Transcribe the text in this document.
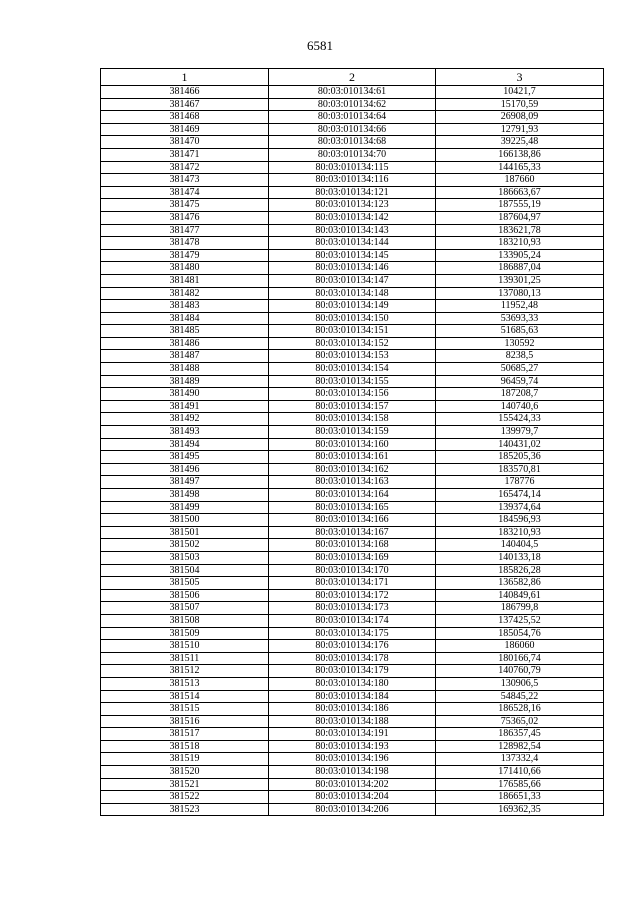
6581
1	2	3
381466	80:03:010134:61	10421,7
381467	80:03:010134:62	15170,59
381468	80:03:010134:64	26908,09
381469	80:03:010134:66	12791,93
381470	80:03:010134:68	39225,48
381471	80:03:010134:70	166138,86
381472	80:03:010134:115	144165,33
381473	80:03:010134:116	187660
381474	80:03:010134:121	186663,67
381475	80:03:010134:123	187555,19
381476	80:03:010134:142	187604,97
381477	80:03:010134:143	183621,78
381478	80:03:010134:144	183210,93
381479	80:03:010134:145	133905,24
381480	80:03:010134:146	186887,04
381481	80:03:010134:147	139301,25
381482	80:03:010134:148	137080,13
381483	80:03:010134:149	11952,48
381484	80:03:010134:150	53693,33
381485	80:03:010134:151	51685,63
381486	80:03:010134:152	130592
381487	80:03:010134:153	8238,5
381488	80:03:010134:154	50685,27
381489	80:03:010134:155	96459,74
381490	80:03:010134:156	187208,7
381491	80:03:010134:157	140740,6
381492	80:03:010134:158	155424,33
381493	80:03:010134:159	139979,7
381494	80:03:010134:160	140431,02
381495	80:03:010134:161	185205,36
381496	80:03:010134:162	183570,81
381497	80:03:010134:163	178776
381498	80:03:010134:164	165474,14
381499	80:03:010134:165	139374,64
381500	80:03:010134:166	184596,93
381501	80:03:010134:167	183210,93
381502	80:03:010134:168	140404,5
381503	80:03:010134:169	140133,18
381504	80:03:010134:170	185826,28
381505	80:03:010134:171	136582,86
381506	80:03:010134:172	140849,61
381507	80:03:010134:173	186799,8
381508	80:03:010134:174	137425,52
381509	80:03:010134:175	185054,76
381510	80:03:010134:176	186060
381511	80:03:010134:178	180166,74
381512	80:03:010134:179	140760,79
381513	80:03:010134:180	130906,5
381514	80:03:010134:184	54845,22
381515	80:03:010134:186	186528,16
381516	80:03:010134:188	75365,02
381517	80:03:010134:191	186357,45
381518	80:03:010134:193	128982,54
381519	80:03:010134:196	137332,4
381520	80:03:010134:198	171410,66
381521	80:03:010134:202	176585,66
381522	80:03:010134:204	186651,33
381523	80:03:010134:206	169362,35
